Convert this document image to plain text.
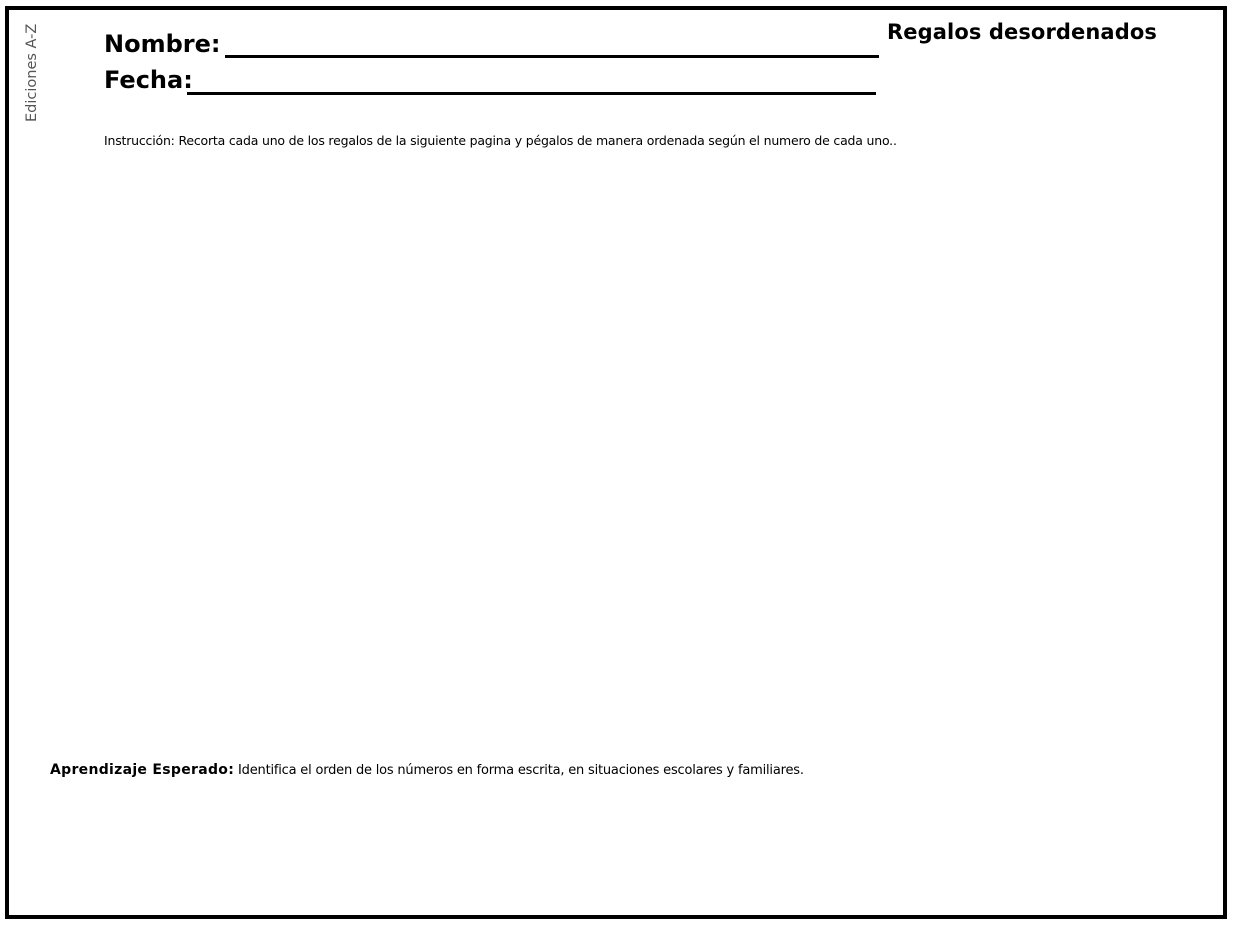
Ediciones A-Z	Regalos desordenados
Nombre:
Fecha:
Instrucción: Recorta cada uno de los regalos de la siguiente pagina y pégalos de manera ordenada según el numero de cada uno..
Aprendizaje Esperado: Identifica el orden de los números en forma escrita, en situaciones escolares y familiares.
